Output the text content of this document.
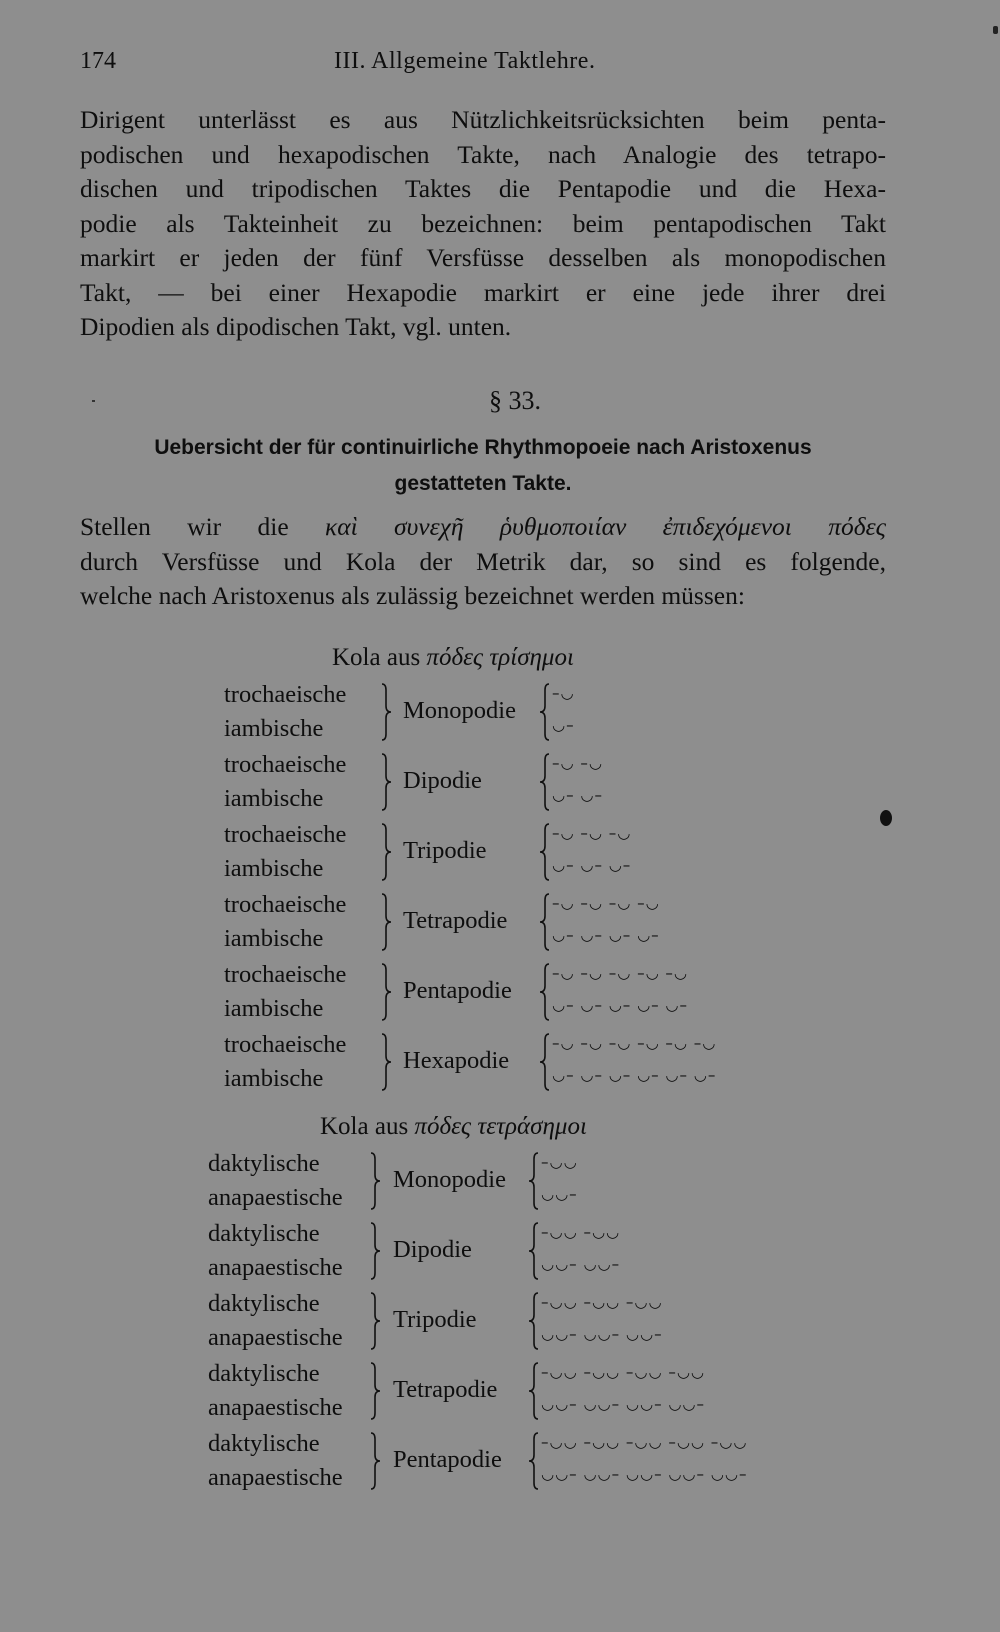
174	III. Allgemeine Taktlehre.
Dirigent unterlässt es aus Nützlichkeitsrücksichten beim penta-
podischen und hexapodischen Takte, nach Analogie des tetrapo-
dischen und tripodischen Taktes die Pentapodie und die Hexa-
podie als Takteinheit zu bezeichnen: beim pentapodischen Takt
markirt er jeden der fünf Versfüsse desselben als monopodischen
Takt, — bei einer Hexapodie markirt er eine jede ihrer drei
Dipodien als dipodischen Takt, vgl. unten.
§ 33.
Uebersicht der für continuirliche Rhythmopoeie nach Aristoxenus
gestatteten Takte.
Stellen wir die καὶ συνεχῆ ῥυθμοποιίαν ἐπιδεχόμενοι πόδες
durch Versfüsse und Kola der Metrik dar, so sind es folgende,
welche nach Aristoxenus als zulässig bezeichnet werden müssen:
Kola aus πόδες τρίσημοι
trochaeische
iambische
Monopodie
–◡
◡–
trochaeische
iambische
Dipodie
–◡ –◡
◡– ◡–
trochaeische
iambische
Tripodie
–◡ –◡ –◡
◡– ◡– ◡–
trochaeische
iambische
Tetrapodie
–◡ –◡ –◡ –◡
◡– ◡– ◡– ◡–
trochaeische
iambische
Pentapodie
–◡ –◡ –◡ –◡ –◡
◡– ◡– ◡– ◡– ◡–
trochaeische
iambische
Hexapodie
–◡ –◡ –◡ –◡ –◡ –◡
◡– ◡– ◡– ◡– ◡– ◡–
Kola aus πόδες τετράσημοι
daktylische
anapaestische
Monopodie
–◡◡
◡◡–
daktylische
anapaestische
Dipodie
–◡◡ –◡◡
◡◡– ◡◡–
daktylische
anapaestische
Tripodie
–◡◡ –◡◡ –◡◡
◡◡– ◡◡– ◡◡–
daktylische
anapaestische
Tetrapodie
–◡◡ –◡◡ –◡◡ –◡◡
◡◡– ◡◡– ◡◡– ◡◡–
daktylische
anapaestische
Pentapodie
–◡◡ –◡◡ –◡◡ –◡◡ –◡◡
◡◡– ◡◡– ◡◡– ◡◡– ◡◡–
